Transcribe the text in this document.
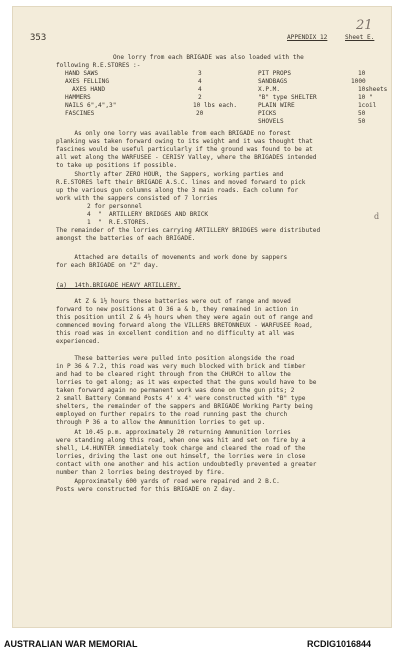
353	APPENDIX 12	Sheet E.
21
One lorry from each BRIGADE was also loaded with the
following R.E.STORES :-
HAND SAWS	3
AXES FELLING	4
AXES HAND	4
HAMMERS	2
NAILS 6",4",3"	10 lbs each.
FASCINES	20
PIT PROPS	10
SANDBAGS	1000
X.P.M.	10sheets
"B" type SHELTER	10 "
PLAIN WIRE	1coil
PICKS	50
SHOVELS	50
As only one lorry was available from each BRIGADE no forest
planking was taken forward owing to its weight and it was thought that
fascines would be useful particularly if the ground was found to be at
all wet along the WARFUSEE - CERISY Valley, where the BRIGADES intended
to take up positions if possible.
Shortly after ZERO HOUR, the Sappers, working parties and
R.E.STORES left their BRIGADE A.S.C. lines and moved forward to pick
up the various gun columns along the 3 main roads. Each column for
work with the sappers consisted of 7 lorries
2 for personnel
4  "  ARTILLERY BRIDGES AND BRICK
1  "  R.E.STORES.
d
The remainder of the lorries carrying ARTILLERY BRIDGES were distributed
amongst the batteries of each BRIGADE.
Attached are details of movements and work done by sappers
for each BRIGADE on "Z" day.
(a)  14th.BRIGADE HEAVY ARTILLERY.
At Z & 1½ hours these batteries were out of range and moved
forward to new positions at O 36 a & b, they remained in action in
this position until Z & 4½ hours when they were again out of range and
commenced moving forward along the VILLERS BRETONNEUX - WARFUSEE Road,
this road was in excellent condition and no difficulty at all was
experienced.
These batteries were pulled into position alongside the road
in P 36 & 7.2, this road was very much blocked with brick and timber
and had to be cleared right through from the CHURCH to allow the
lorries to get along; as it was expected that the guns would have to be
taken forward again no permanent work was done on the gun pits; 2
2 small Battery Command Posts 4' x 4' were constructed with "B" type
shelters, the remainder of the sappers and BRIGADE Working Party being
employed on further repairs to the road running past the church
through P 36 a to allow the Ammunition lorries to get up.
At 10.45 p.m. approximately 20 returning Ammunition lorries
were standing along this road, when one was hit and set on fire by a
shell, L4.HUNTER immediately took charge and cleared the road of the
lorries, driving the last one out himself, the lorries were in close
contact with one another and his action undoubtedly prevented a greater
number than 2 lorries being destroyed by fire.
Approximately 600 yards of road were repaired and 2 B.C.
Posts were constructed for this BRIGADE on Z day.
AUSTRALIAN WAR MEMORIAL	RCDIG1016844
